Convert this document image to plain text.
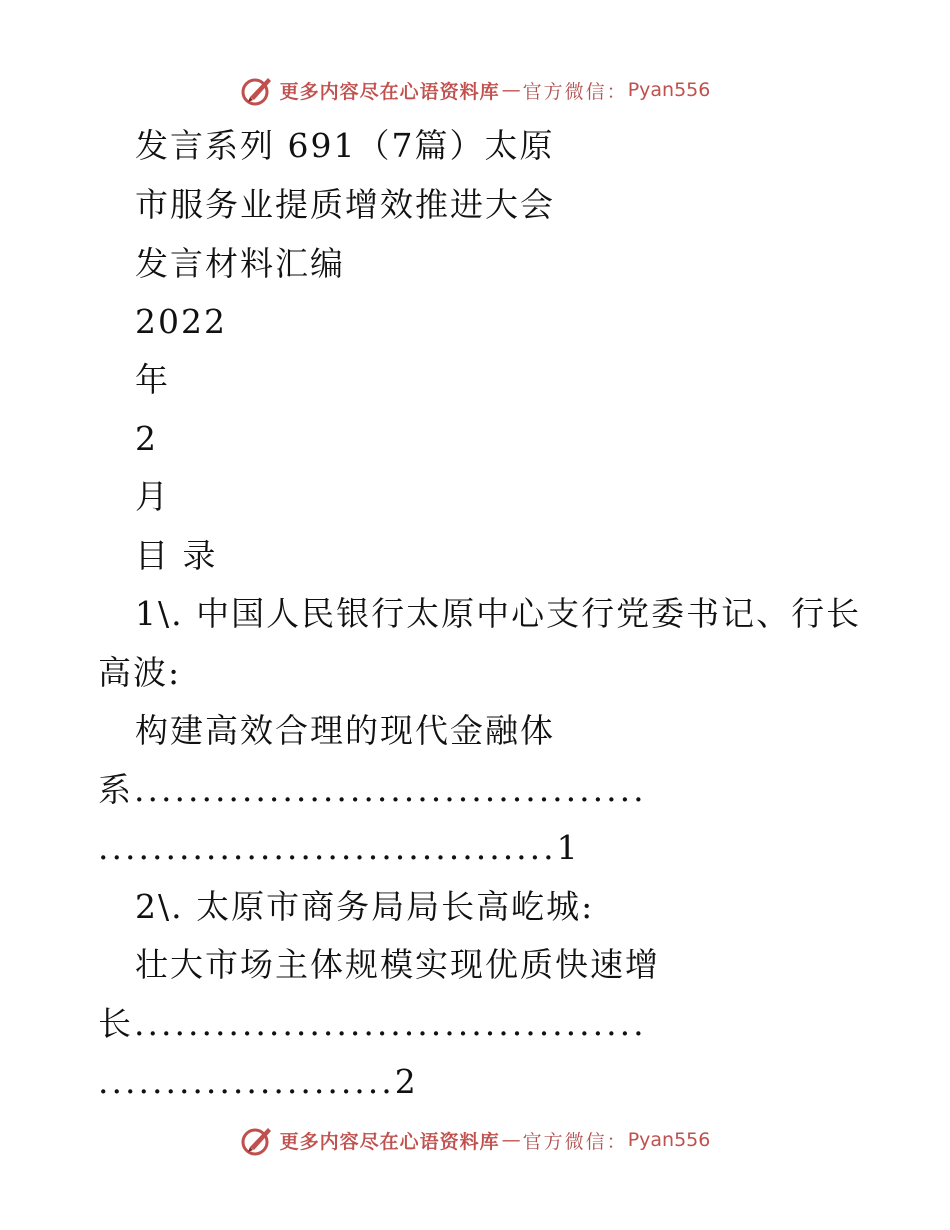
更多内容尽在心语资料库 — 官方微信： Pyan556
发言系列 691（7篇）太原
市服务业提质增效推进大会
发言材料汇编
2022
年
2
月
目 录
1\. 中国人民银行太原中心支行党委书记、行长
高波:
构建高效合理的现代金融体
系......................................
..................................1
2\. 太原市商务局局长高屹城:
壮大市场主体规模实现优质快速增
长......................................
......................2
更多内容尽在心语资料库 — 官方微信： Pyan556
